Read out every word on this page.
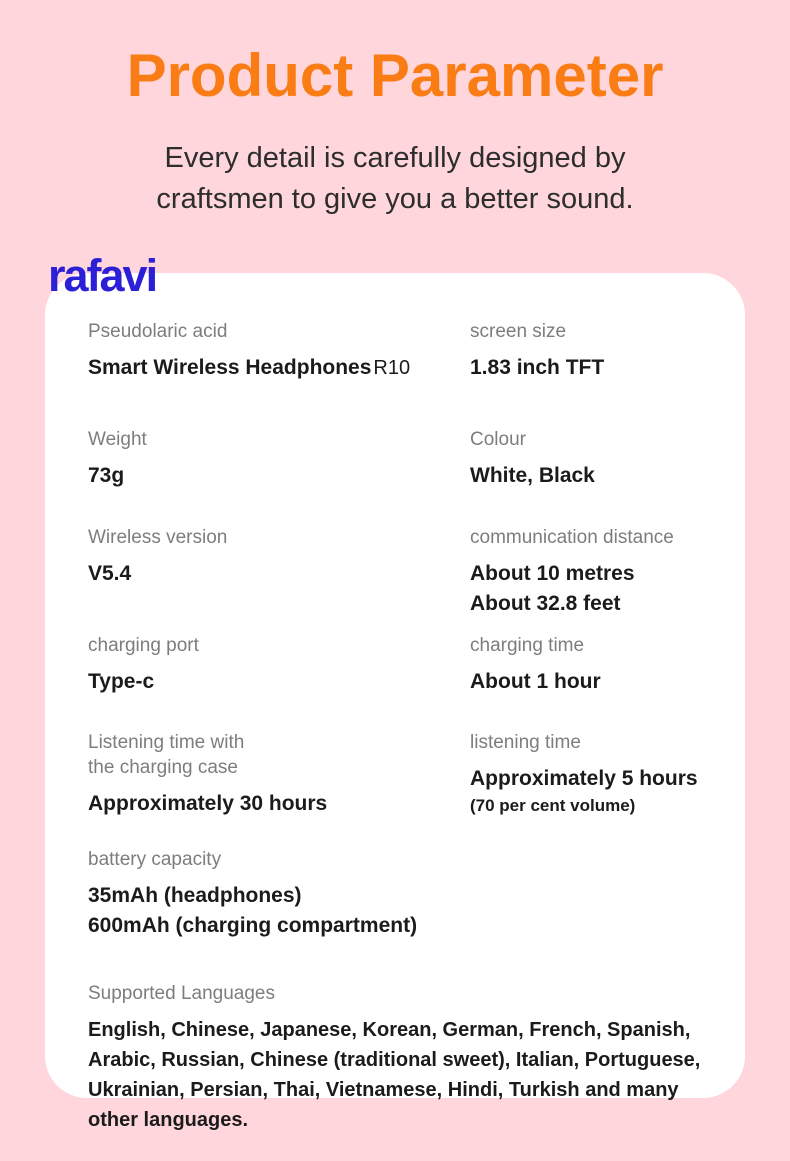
Product Parameter
Every detail is carefully designed by
craftsmen to give you a better sound.
rafavi
Pseudolaric acid
Smart Wireless Headphones R10
screen size
1.83 inch TFT
Weight
73g
Colour
White, Black
Wireless version
V5.4
communication distance
About 10 metres
About 32.8 feet
charging port
Type-c
charging time
About 1 hour
Listening time with
the charging case
Approximately 30 hours
listening time
Approximately 5 hours
(70 per cent volume)
battery capacity
35mAh (headphones)
600mAh (charging compartment)
Supported Languages
English, Chinese, Japanese, Korean, German, French, Spanish, Arabic, Russian, Chinese (traditional sweet), Italian, Portuguese, Ukrainian, Persian, Thai, Vietnamese, Hindi, Turkish and many other languages.
